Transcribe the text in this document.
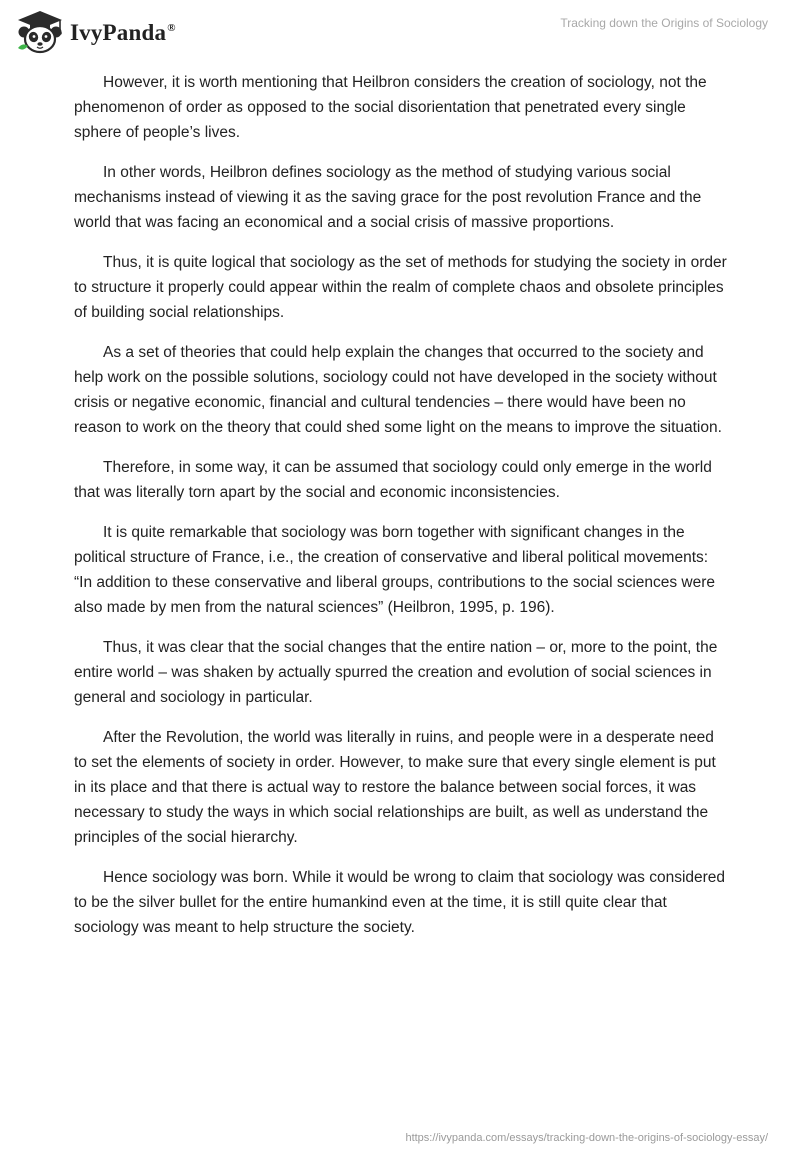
IvyPanda®	Tracking down the Origins of Sociology

However, it is worth mentioning that Heilbron considers the creation of sociology, not the phenomenon of order as opposed to the social disorientation that penetrated every single sphere of people’s lives.

In other words, Heilbron defines sociology as the method of studying various social mechanisms instead of viewing it as the saving grace for the post revolution France and the world that was facing an economical and a social crisis of massive proportions.

Thus, it is quite logical that sociology as the set of methods for studying the society in order to structure it properly could appear within the realm of complete chaos and obsolete principles of building social relationships.

As a set of theories that could help explain the changes that occurred to the society and help work on the possible solutions, sociology could not have developed in the society without crisis or negative economic, financial and cultural tendencies – there would have been no reason to work on the theory that could shed some light on the means to improve the situation.

Therefore, in some way, it can be assumed that sociology could only emerge in the world that was literally torn apart by the social and economic inconsistencies.

It is quite remarkable that sociology was born together with significant changes in the political structure of France, i.e., the creation of conservative and liberal political movements: “In addition to these conservative and liberal groups, contributions to the social sciences were also made by men from the natural sciences” (Heilbron, 1995, p. 196).

Thus, it was clear that the social changes that the entire nation – or, more to the point, the entire world – was shaken by actually spurred the creation and evolution of social sciences in general and sociology in particular.

After the Revolution, the world was literally in ruins, and people were in a desperate need to set the elements of society in order. However, to make sure that every single element is put in its place and that there is actual way to restore the balance between social forces, it was necessary to study the ways in which social relationships are built, as well as understand the principles of the social hierarchy.

Hence sociology was born. While it would be wrong to claim that sociology was considered to be the silver bullet for the entire humankind even at the time, it is still quite clear that sociology was meant to help structure the society.

https://ivypanda.com/essays/tracking-down-the-origins-of-sociology-essay/
